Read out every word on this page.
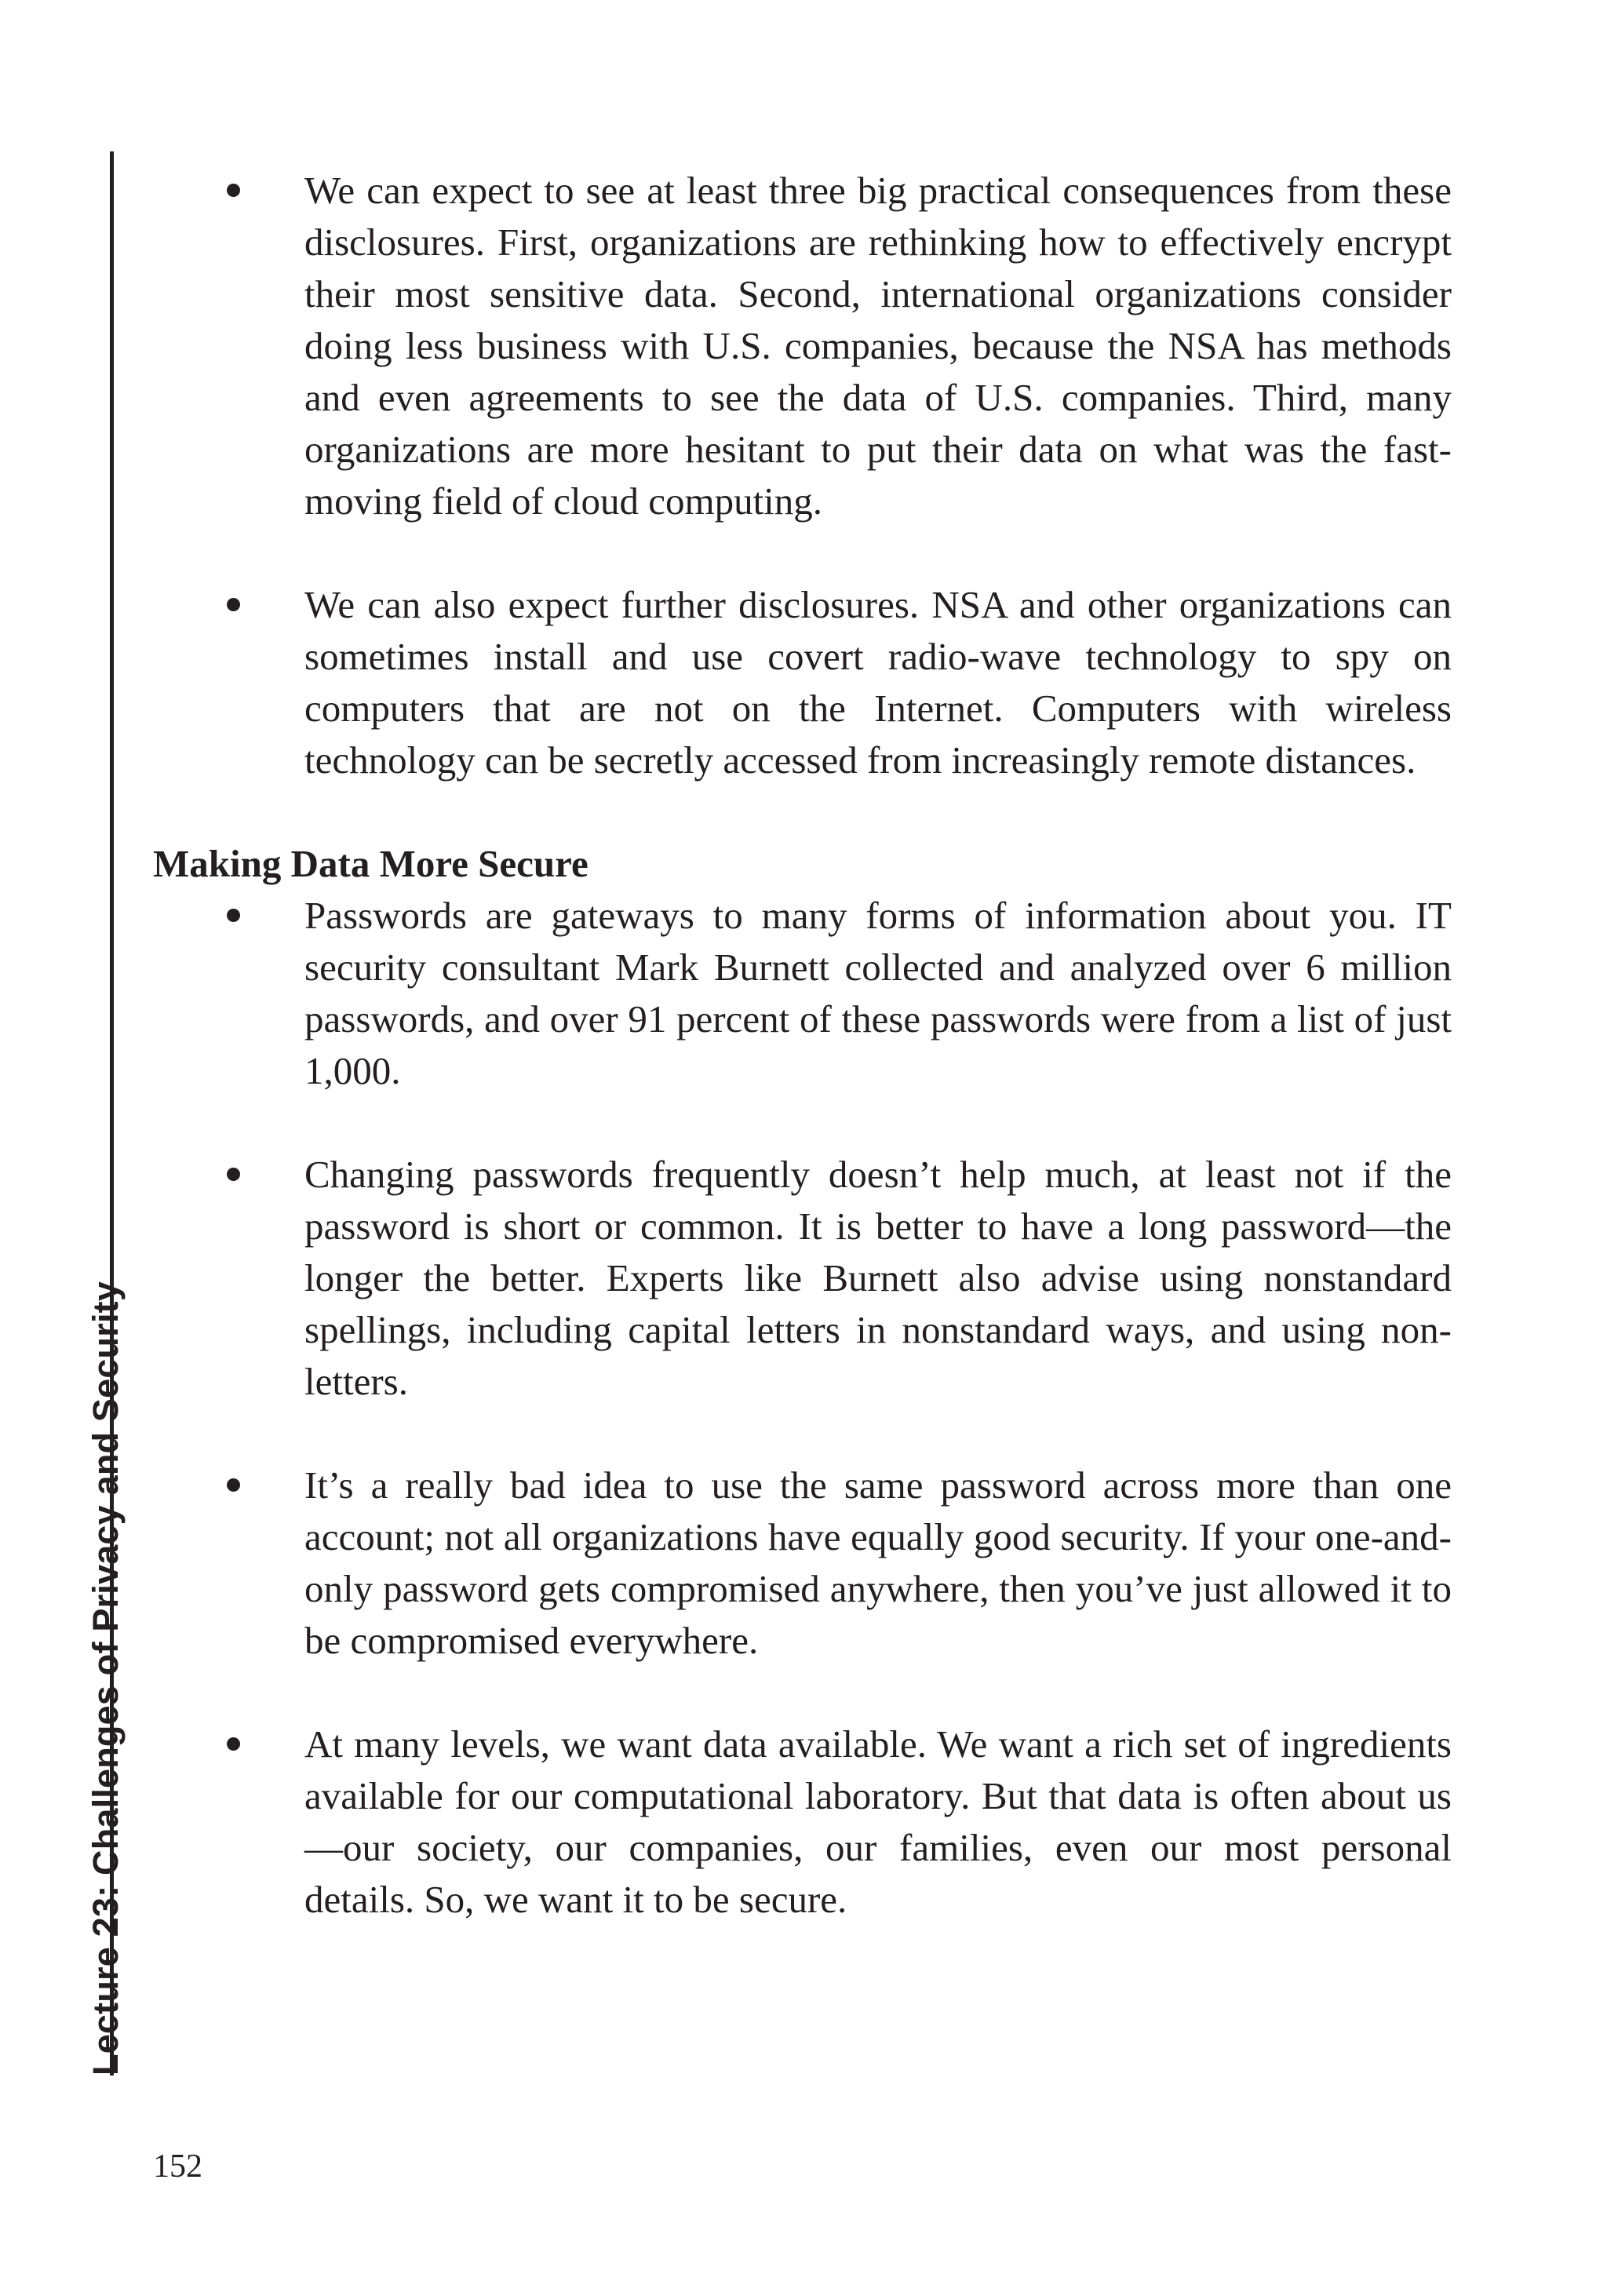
Lecture 23: Challenges of Privacy and Security
We can expect to see at least three big practical consequences from these disclosures. First, organizations are rethinking how to effectively encrypt their most sensitive data. Second, international organizations consider doing less business with U.S. companies, because the NSA has methods and even agreements to see the data of U.S. companies. Third, many organizations are more hesitant to put their data on what was the fast-moving field of cloud computing.
We can also expect further disclosures. NSA and other organizations can sometimes install and use covert radio-wave technology to spy on computers that are not on the Internet. Computers with wireless technology can be secretly accessed from increasingly remote distances.
Making Data More Secure
Passwords are gateways to many forms of information about you. IT security consultant Mark Burnett collected and analyzed over 6 million passwords, and over 91 percent of these passwords were from a list of just 1,000.
Changing passwords frequently doesn’t help much, at least not if the password is short or common. It is better to have a long password—the longer the better. Experts like Burnett also advise using nonstandard spellings, including capital letters in nonstandard ways, and using non-letters.
It’s a really bad idea to use the same password across more than one account; not all organizations have equally good security. If your one-and-only password gets compromised anywhere, then you’ve just allowed it to be compromised everywhere.
At many levels, we want data available. We want a rich set of ingredients available for our computational laboratory. But that data is often about us—our society, our companies, our families, even our most personal details. So, we want it to be secure.
152
